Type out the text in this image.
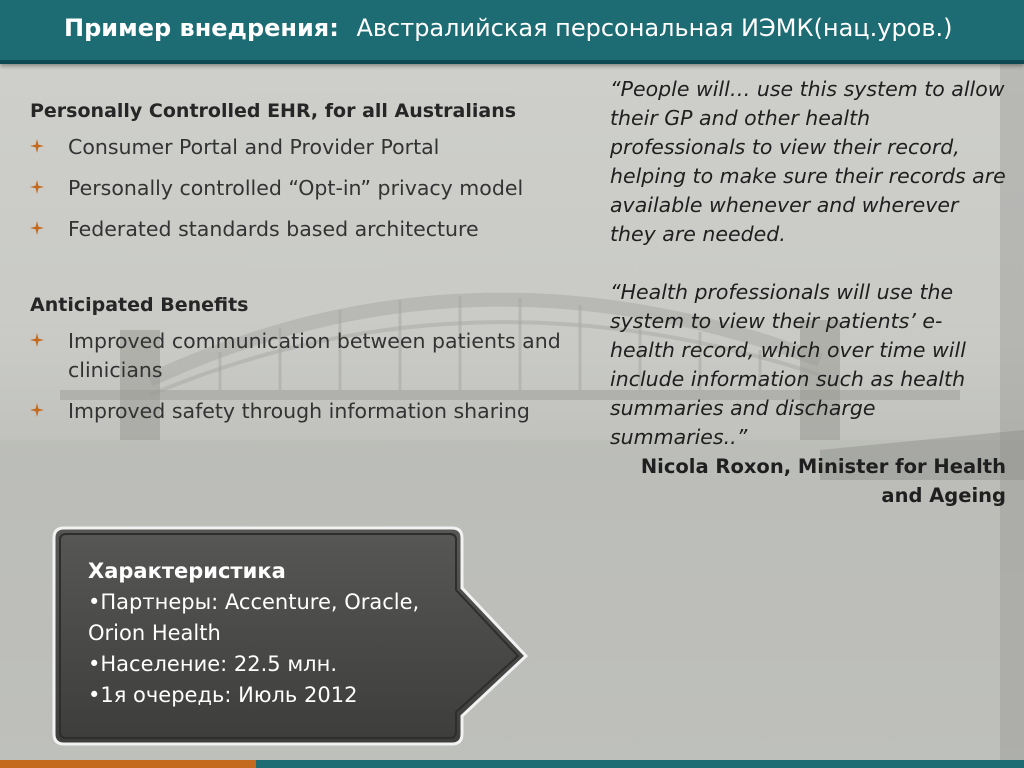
Пример внедрения: Австралийская персональная ИЭМК(нац.уров.)
Personally Controlled EHR, for all Australians
Consumer Portal and Provider Portal
Personally controlled “Opt-in” privacy model
Federated standards based architecture
Anticipated Benefits
Improved communication between patients and clinicians
Improved safety through information sharing

“People will… use this system to allow their GP and other health professionals to view their record, helping to make sure their records are available whenever and wherever they are needed.

“Health professionals will use the system to view their patients’ e-health record, which over time will include information such as health summaries and discharge summaries..”

Nicola Roxon, Minister for Health and Ageing

Характеристика
•Партнеры: Accenture, Oracle, Orion Health
•Население: 22.5 млн.
•1я очередь: Июль 2012
